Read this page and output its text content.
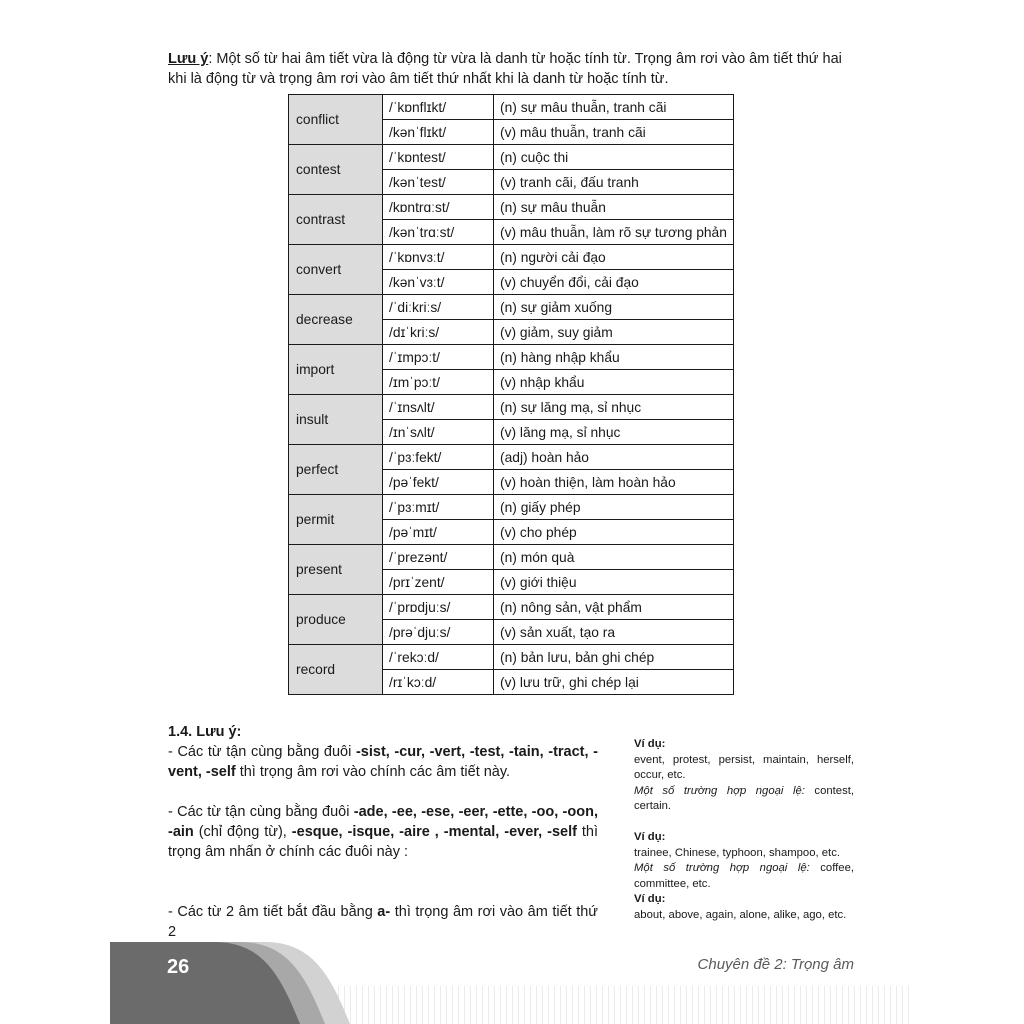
Lưu ý: Một số từ hai âm tiết vừa là động từ vừa là danh từ hoặc tính từ. Trọng âm rơi vào âm tiết thứ hai khi là động từ và trọng âm rơi vào âm tiết thứ nhất khi là danh từ hoặc tính từ.
conflict	/ˈkɒnflɪkt/	(n) sự mâu thuẫn, tranh cãi
	/kənˈflɪkt/	(v) mâu thuẫn, tranh cãi
contest	/ˈkɒntest/	(n) cuộc thi
	/kənˈtest/	(v) tranh cãi, đấu tranh
contrast	/kɒntrɑːst/	(n) sự mâu thuẫn
	/kənˈtrɑːst/	(v) mâu thuẫn, làm rõ sự tương phản
convert	/ˈkɒnvɜːt/	(n) người cải đạo
	/kənˈvɜːt/	(v) chuyển đổi, cải đạo
decrease	/ˈdiːkriːs/	(n) sự giảm xuống
	/dɪˈkriːs/	(v) giảm, suy giảm
import	/ˈɪmpɔːt/	(n) hàng nhập khẩu
	/ɪmˈpɔːt/	(v) nhập khẩu
insult	/ˈɪnsʌlt/	(n) sự lăng mạ, sỉ nhục
	/ɪnˈsʌlt/	(v) lăng mạ, sỉ nhục
perfect	/ˈpɜːfekt/	(adj) hoàn hảo
	/pəˈfekt/	(v) hoàn thiện, làm hoàn hảo
permit	/ˈpɜːmɪt/	(n) giấy phép
	/pəˈmɪt/	(v) cho phép
present	/ˈprezənt/	(n) món quà
	/prɪˈzent/	(v) giới thiệu
produce	/ˈprɒdjuːs/	(n) nông sản, vật phẩm
	/prəˈdjuːs/	(v) sản xuất, tạo ra
record	/ˈrekɔːd/	(n) bản lưu, bản ghi chép
	/rɪˈkɔːd/	(v) lưu trữ, ghi chép lại
1.4. Lưu ý:

- Các từ tận cùng bằng đuôi -sist, -cur, -vert, -test, -tain, -tract, -vent, -self thì trọng âm rơi vào chính các âm tiết này.

- Các từ tận cùng bằng đuôi -ade, -ee, -ese, -eer, -ette, -oo, -oon, -ain (chỉ động từ), -esque, -isque, -aire , -mental, -ever, -self thì trọng âm nhấn ở chính các đuôi này :

- Các từ 2 âm tiết bắt đầu bằng a- thì trọng âm rơi vào âm tiết thứ 2

Ví dụ:
event, protest, persist, maintain, herself, occur, etc.
Một số trường hợp ngoại lệ: contest, certain.
Ví dụ:
trainee, Chinese, typhoon, shampoo, etc.
Một số trường hợp ngoại lệ: coffee, committee, etc.
Ví dụ:
about, above, again, alone, alike, ago, etc.
26	Chuyên đề 2: Trọng âm
